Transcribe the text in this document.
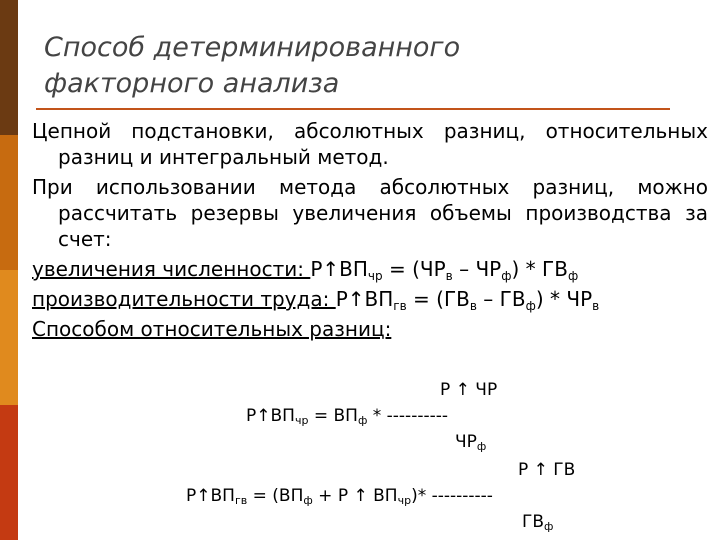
Способ детерминированного
факторного анализа
Цепной подстановки, абсолютных разниц, относительных разниц и интегральный метод.
При использовании метода абсолютных разниц, можно рассчитать резервы увеличения объемы производства за счет:
увеличения численности: $Р↑ВП_{чр} = (ЧР_в - ЧР_ф) * ГВ_ф$
производительности труда: $Р↑ВП_{гв} = (ГВ_в - ГВ_ф) * ЧР_в$
Способом относительных разниц:
Р ↑ ЧР
$Р↑ВП_{чр} = ВП_ф$ * ----------
$ЧР_ф$
Р ↑ ГВ
$Р↑ВП_{гв} = (ВП_ф + Р$ ↑ $ВП_{чр})*$ ----------
$ГВ_ф$
